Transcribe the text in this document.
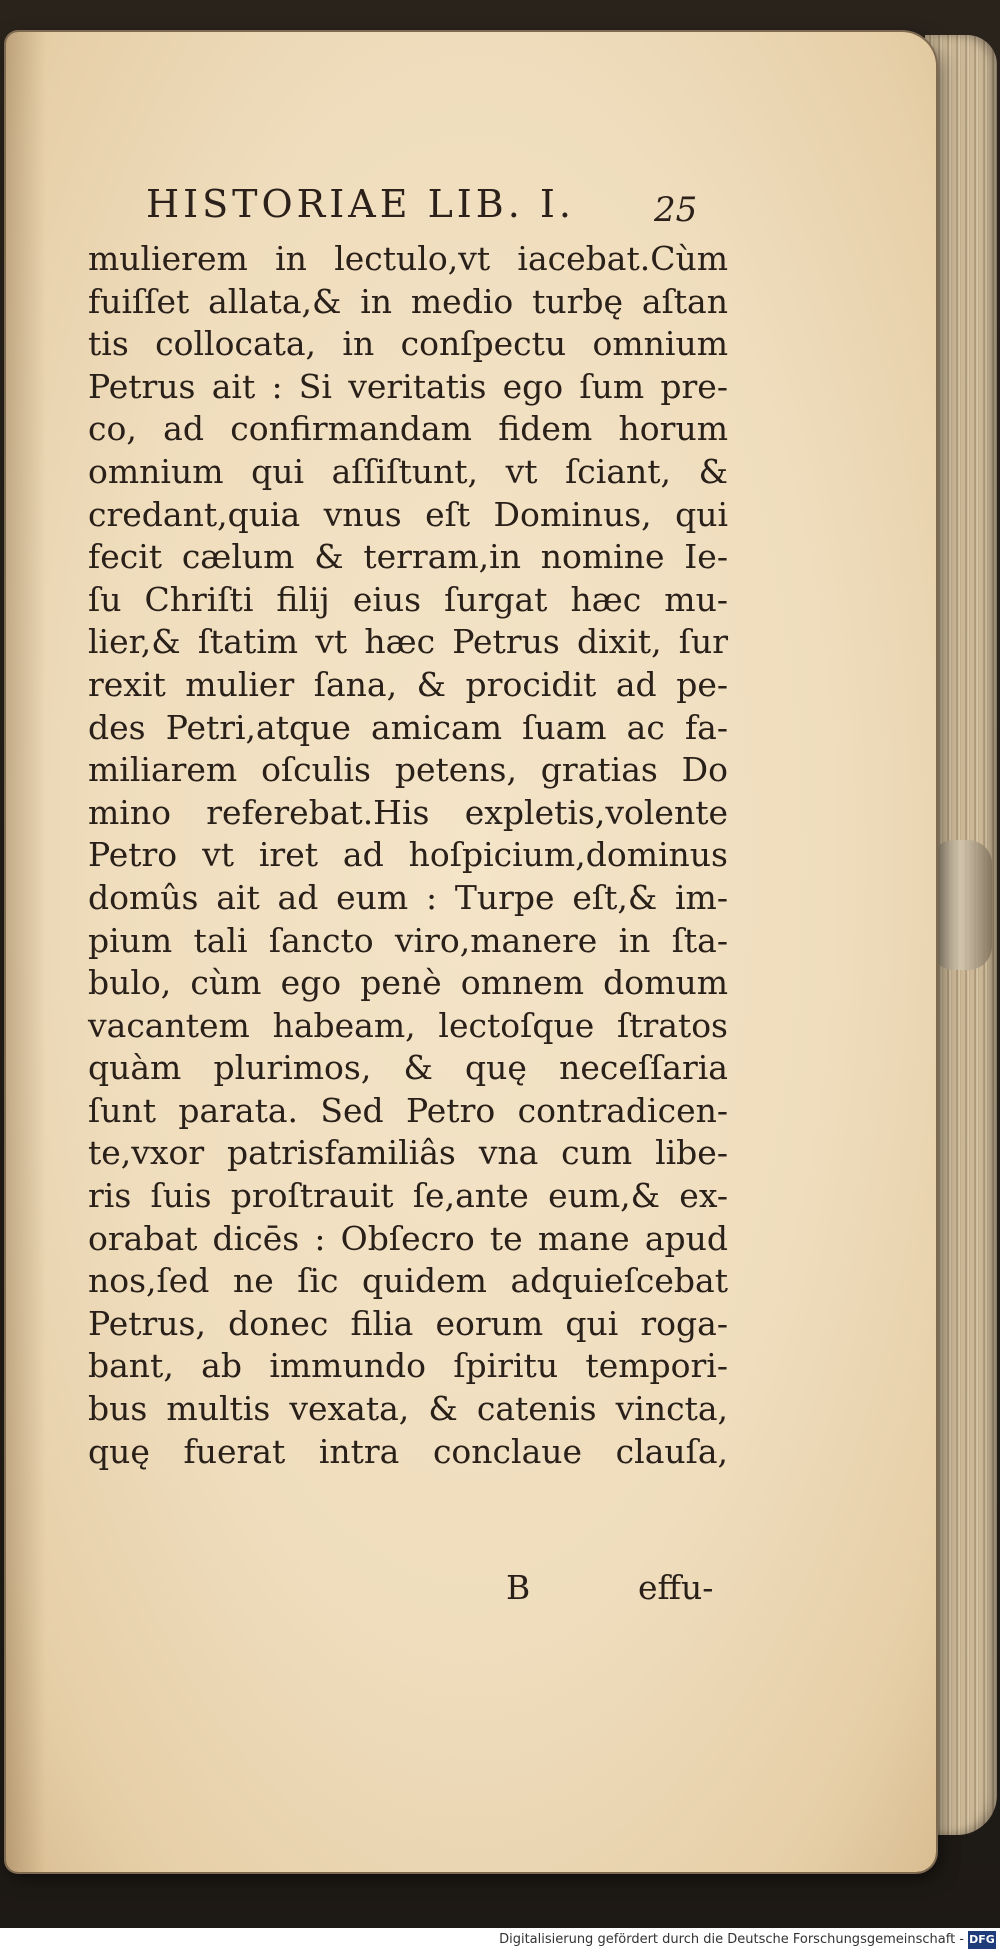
HISTORIAE LIB. I. 25
mulierem in lectulo,vt iacebat.Cùm
fuiſſet allata,& in medio turbę aſtan
tis collocata, in conſpectu omnium
Petrus ait : Si veritatis ego ſum pre-
co, ad confirmandam fidem horum
omnium qui aſſiſtunt, vt ſciant, &
credant,quia vnus eſt Dominus, qui
fecit cælum & terram,in nomine Ie-
ſu Chriſti filij eius ſurgat hæc mu-
lier,& ſtatim vt hæc Petrus dixit, ſur
rexit mulier ſana, & procidit ad pe-
des Petri,atque amicam ſuam ac fa-
miliarem oſculis petens, gratias Do
mino referebat.His expletis,volente
Petro vt iret ad hoſpicium,dominus
domûs ait ad eum : Turpe eſt,& im-
pium tali ſancto viro,manere in ſta-
bulo, cùm ego penè omnem domum
vacantem habeam, lectoſque ſtratos
quàm plurimos, & quę neceſſaria
ſunt parata. Sed Petro contradicen-
te,vxor patrisfamiliâs vna cum libe-
ris ſuis proſtrauit ſe,ante eum,& ex-
orabat dicēs : Obſecro te mane apud
nos,ſed ne ſic quidem adquieſcebat
Petrus, donec filia eorum qui roga-
bant, ab immundo ſpiritu tempori-
bus multis vexata, & catenis vincta,
quę fuerat intra conclaue clauſa,
B	effu-
Digitalisierung gefördert durch die Deutsche Forschungsgemeinschaft - DFG
